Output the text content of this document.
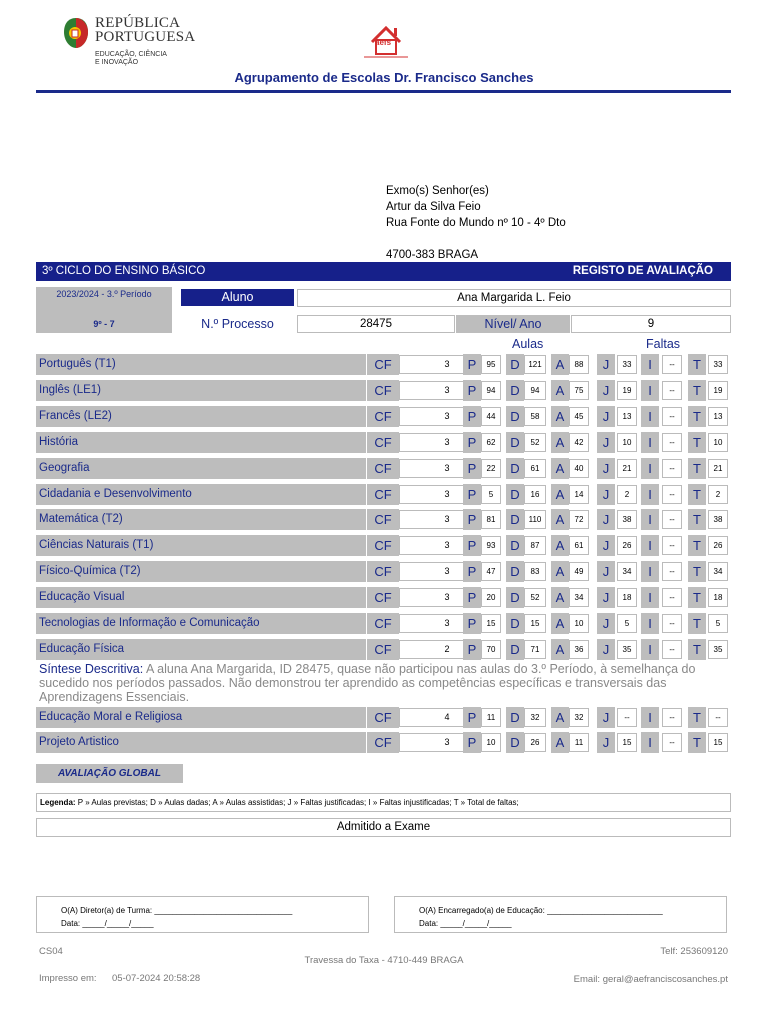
REPÚBLICA
PORTUGUESA
EDUCAÇÃO, CIÊNCIA
E INOVAÇÃO
aefs
Agrupamento de Escolas Dr. Francisco Sanches
Exmo(s) Senhor(es)
Artur da Silva Feio
Rua Fonte do Mundo nº 10 - 4º Dto
4700-383 BRAGA
3º CICLO DO ENSINO BÁSICO	REGISTO DE AVALIAÇÃO
2023/2024 - 3.º Período
9º - 7
Aluno	Ana Margarida L. Feio
N.º Processo	28475	Nível/ Ano	9
Aulas	Faltas
Português (T1)	CF	3	P	95	D	121	A	88	J	33	I	--	T	33
Inglês (LE1)	CF	3	P	94	D	94	A	75	J	19	I	--	T	19
Francês (LE2)	CF	3	P	44	D	58	A	45	J	13	I	--	T	13
História	CF	3	P	62	D	52	A	42	J	10	I	--	T	10
Geografia	CF	3	P	22	D	61	A	40	J	21	I	--	T	21
Cidadania e Desenvolvimento	CF	3	P	5	D	16	A	14	J	2	I	--	T	2
Matemática (T2)	CF	3	P	81	D	110	A	72	J	38	I	--	T	38
Ciências Naturais (T1)	CF	3	P	93	D	87	A	61	J	26	I	--	T	26
Físico-Química (T2)	CF	3	P	47	D	83	A	49	J	34	I	--	T	34
Educação Visual	CF	3	P	20	D	52	A	34	J	18	I	--	T	18
Tecnologias de Informação e Comunicação	CF	3	P	15	D	15	A	10	J	5	I	--	T	5
Educação Física	CF	2	P	70	D	71	A	36	J	35	I	--	T	35
Educação Moral e Religiosa	CF	4	P	11	D	32	A	32	J	--	I	--	T	--
Projeto Artistico	CF	3	P	10	D	26	A	11	J	15	I	--	T	15
Síntese Descritiva: A aluna Ana Margarida, ID 28475, quase não participou nas aulas do 3.º Período, à semelhança do sucedido nos períodos passados. Não demonstrou ter aprendido as competências específicas e transversais das Aprendizagens Essenciais.
AVALIAÇÃO GLOBAL
Legenda: P » Aulas previstas; D » Aulas dadas; A » Aulas assistidas; J » Faltas justificadas; I » Faltas injustificadas; T » Total de faltas;
Admitido a Exame
O(A) Diretor(a) de Turma: _______________________________
Data: _____/_____/_____
O(A) Encarregado(a) de Educação: __________________________
Data: _____/_____/_____
CS04
Travessa do Taxa - 4710-449 BRAGA
Telf: 253609120
Impresso em: 05-07-2024 20:58:28	Email: geral@aefranciscosanches.pt
